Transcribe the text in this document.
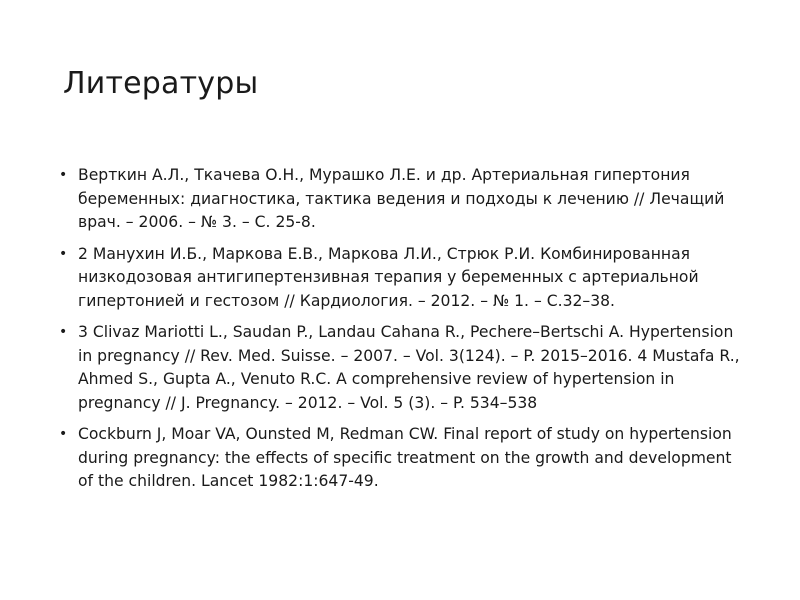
Литературы
• Верткин А.Л., Ткачева О.Н., Мурашко Л.Е. и др. Артериальная гипертония беременных: диагностика, тактика ведения и подходы к лечению // Лечащий врач. – 2006. – № 3. – С. 25-8.
• 2 Манухин И.Б., Маркова Е.В., Маркова Л.И., Стрюк Р.И. Комбинированная низкодозовая антигипертензивная терапия у беременных с артериальной гипертонией и гестозом // Кардиология. – 2012. – № 1. – С.32–38.
• 3 Clivaz Mariotti L., Saudan P., Landau Cahana R., Pechere–Bertschi A. Hypertension in pregnancy // Rev. Med. Suisse. – 2007. – Vol. 3(124). – P. 2015–2016. 4 Mustafa R., Ahmed S., Gupta A., Venuto R.C. A comprehensive review of hypertension in pregnancy // J. Pregnancy. – 2012. – Vol. 5 (3). – P. 534–538
• Cockburn J, Moar VA, Ounsted M, Redman CW. Final report of study on hypertension during pregnancy: the effects of specific treatment on the growth and development of the children. Lancet 1982:1:647-49.
